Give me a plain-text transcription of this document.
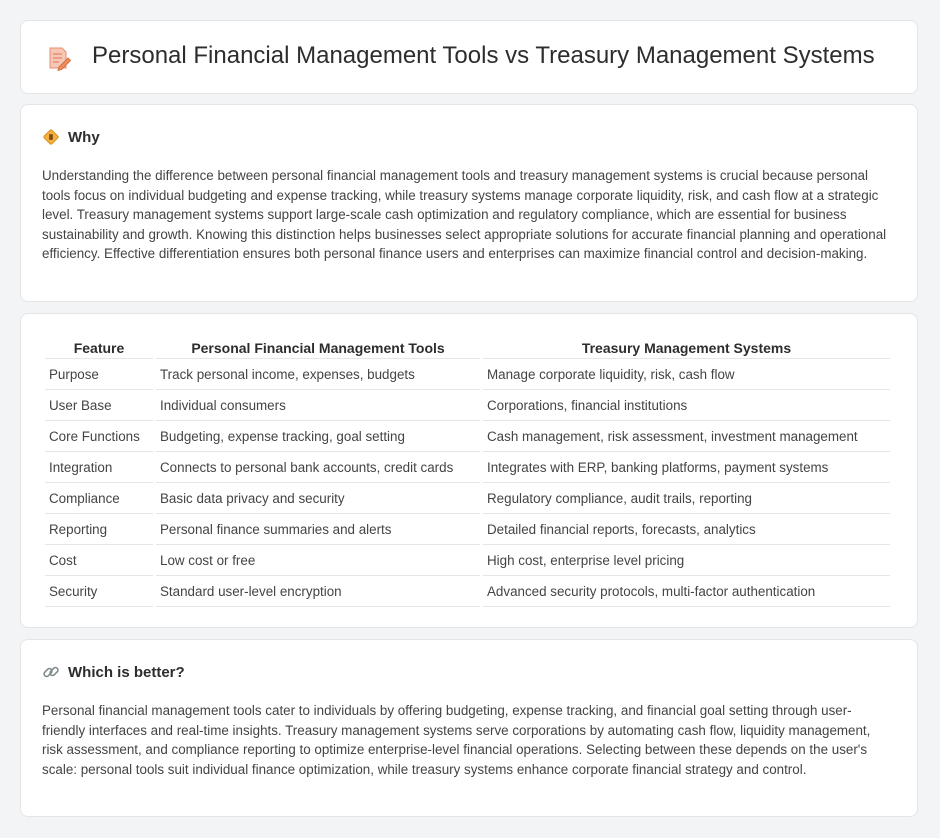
Personal Financial Management Tools vs Treasury Management Systems
Why

Understanding the difference between personal financial management tools and treasury management systems is crucial because personal tools focus on individual budgeting and expense tracking, while treasury systems manage corporate liquidity, risk, and cash flow at a strategic level. Treasury management systems support large-scale cash optimization and regulatory compliance, which are essential for business sustainability and growth. Knowing this distinction helps businesses select appropriate solutions for accurate financial planning and operational efficiency. Effective differentiation ensures both personal finance users and enterprises can maximize financial control and decision-making.

Feature	Personal Financial Management Tools	Treasury Management Systems
Purpose	Track personal income, expenses, budgets	Manage corporate liquidity, risk, cash flow
User Base	Individual consumers	Corporations, financial institutions
Core Functions	Budgeting, expense tracking, goal setting	Cash management, risk assessment, investment management
Integration	Connects to personal bank accounts, credit cards	Integrates with ERP, banking platforms, payment systems
Compliance	Basic data privacy and security	Regulatory compliance, audit trails, reporting
Reporting	Personal finance summaries and alerts	Detailed financial reports, forecasts, analytics
Cost	Low cost or free	High cost, enterprise level pricing
Security	Standard user-level encryption	Advanced security protocols, multi-factor authentication
Which is better?

Personal financial management tools cater to individuals by offering budgeting, expense tracking, and financial goal setting through user-friendly interfaces and real-time insights. Treasury management systems serve corporations by automating cash flow, liquidity management, risk assessment, and compliance reporting to optimize enterprise-level financial operations. Selecting between these depends on the user's scale: personal tools suit individual finance optimization, while treasury systems enhance corporate financial strategy and control.
